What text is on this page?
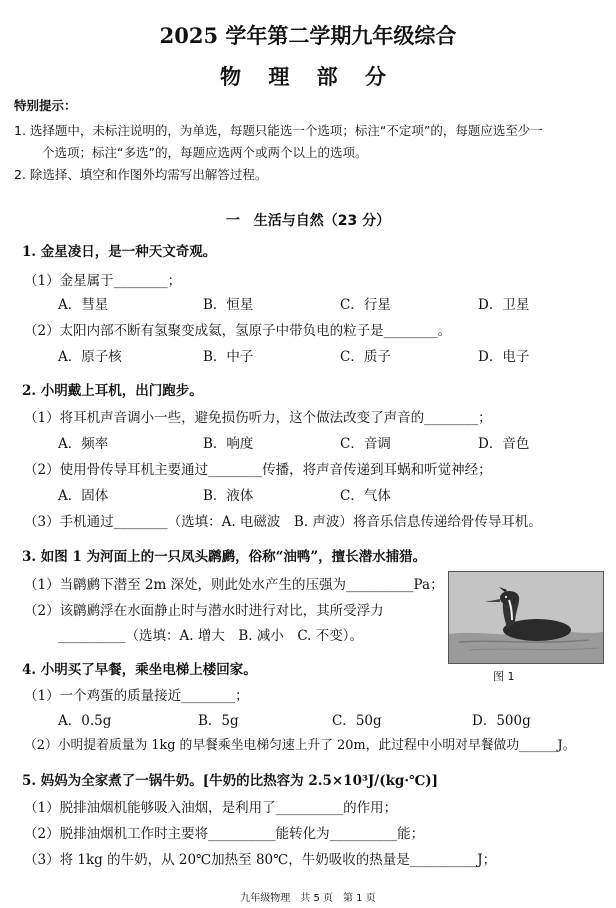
2025 学年第二学期九年级综合
物 理 部 分
特别提示：
1. 选择题中，未标注说明的，为单选，每题只能选一个选项；标注“不定项”的，每题应选至少一
个选项；标注“多选”的，每题应选两个或两个以上的选项。
2. 除选择、填空和作图外均需写出解答过程。
一　生活与自然（23 分）
1. 金星凌日，是一种天文奇观。
（1）金星属于________；
A．彗星	B．恒星	C．行星	D．卫星
（2）太阳内部不断有氢聚变成氦，氢原子中带负电的粒子是________。
A．原子核	B．中子	C．质子	D．电子
2. 小明戴上耳机，出门跑步。
（1）将耳机声音调小一些，避免损伤听力，这个做法改变了声音的________；
A．频率	B．响度	C．音调	D．音色
（2）使用骨传导耳机主要通过________传播，将声音传递到耳蜗和听觉神经；
A．固体	B．液体	C．气体
（3）手机通过________（选填：A. 电磁波　B. 声波）将音乐信息传递给骨传导耳机。
3. 如图 1 为河面上的一只凤头䴙䴘，俗称“油鸭”，擅长潜水捕猎。
（1）当䴙䴘下潜至 2m 深处，则此处水产生的压强为__________Pa；
（2）该䴙䴘浮在水面静止时与潜水时进行对比，其所受浮力
__________（选填：A. 增大　B. 减小　C. 不变）。
图 1
4. 小明买了早餐，乘坐电梯上楼回家。
（1）一个鸡蛋的质量接近________；
A．0.5g	B．5g	C．50g	D．500g
（2）小明提着质量为 1kg 的早餐乘坐电梯匀速上升了 20m，此过程中小明对早餐做功______J。
5. 妈妈为全家煮了一锅牛奶。[牛奶的比热容为 2.5×10³J/(kg·℃)]
（1）脱排油烟机能够吸入油烟，是利用了__________的作用；
（2）脱排油烟机工作时主要将__________能转化为__________能；
（3）将 1kg 的牛奶，从 20℃加热至 80℃，牛奶吸收的热量是__________J；
九年级物理　共 5 页　第 1 页
